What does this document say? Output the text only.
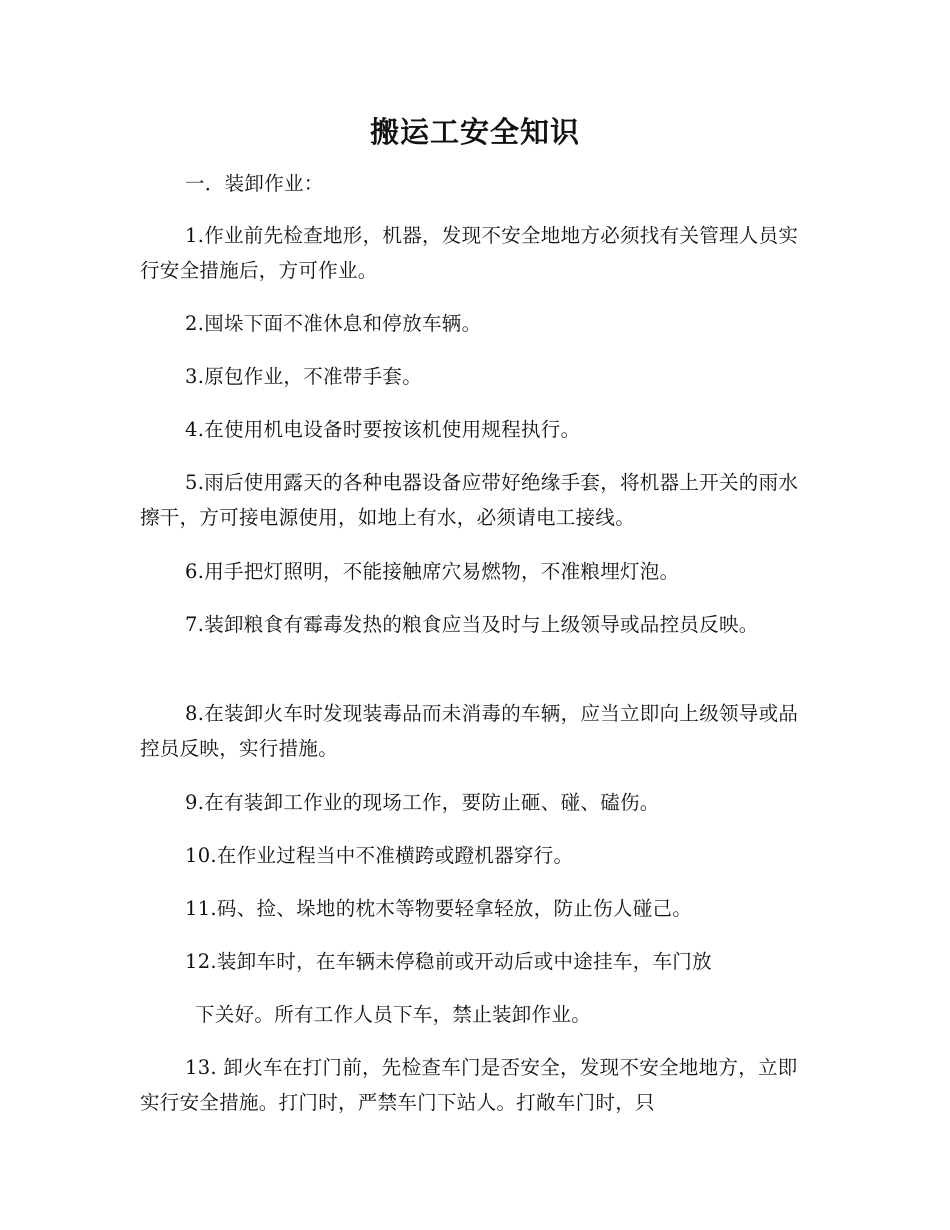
搬运工安全知识

一．装卸作业：

1.作业前先检查地形，机器，发现不安全地地方必须找有关管理人员实行安全措施后，方可作业。

2.囤垛下面不准休息和停放车辆。

3.原包作业，不准带手套。

4.在使用机电设备时要按该机使用规程执行。

5.雨后使用露天的各种电器设备应带好绝缘手套，将机器上开关的雨水擦干，方可接电源使用，如地上有水，必须请电工接线。

6.用手把灯照明，不能接触席穴易燃物，不准粮埋灯泡。

7.装卸粮食有霉毒发热的粮食应当及时与上级领导或品控员反映。

8.在装卸火车时发现装毒品而未消毒的车辆，应当立即向上级领导或品控员反映，实行措施。

9.在有装卸工作业的现场工作，要防止砸、碰、磕伤。

10.在作业过程当中不准横跨或蹬机器穿行。

11.码、捡、垛地的枕木等物要轻拿轻放，防止伤人碰己。

12.装卸车时，在车辆未停稳前或开动后或中途挂车，车门放

下关好。所有工作人员下车，禁止装卸作业。

13. 卸火车在打门前，先检查车门是否安全，发现不安全地地方，立即实行安全措施。打门时，严禁车门下站人。打敞车门时，只
